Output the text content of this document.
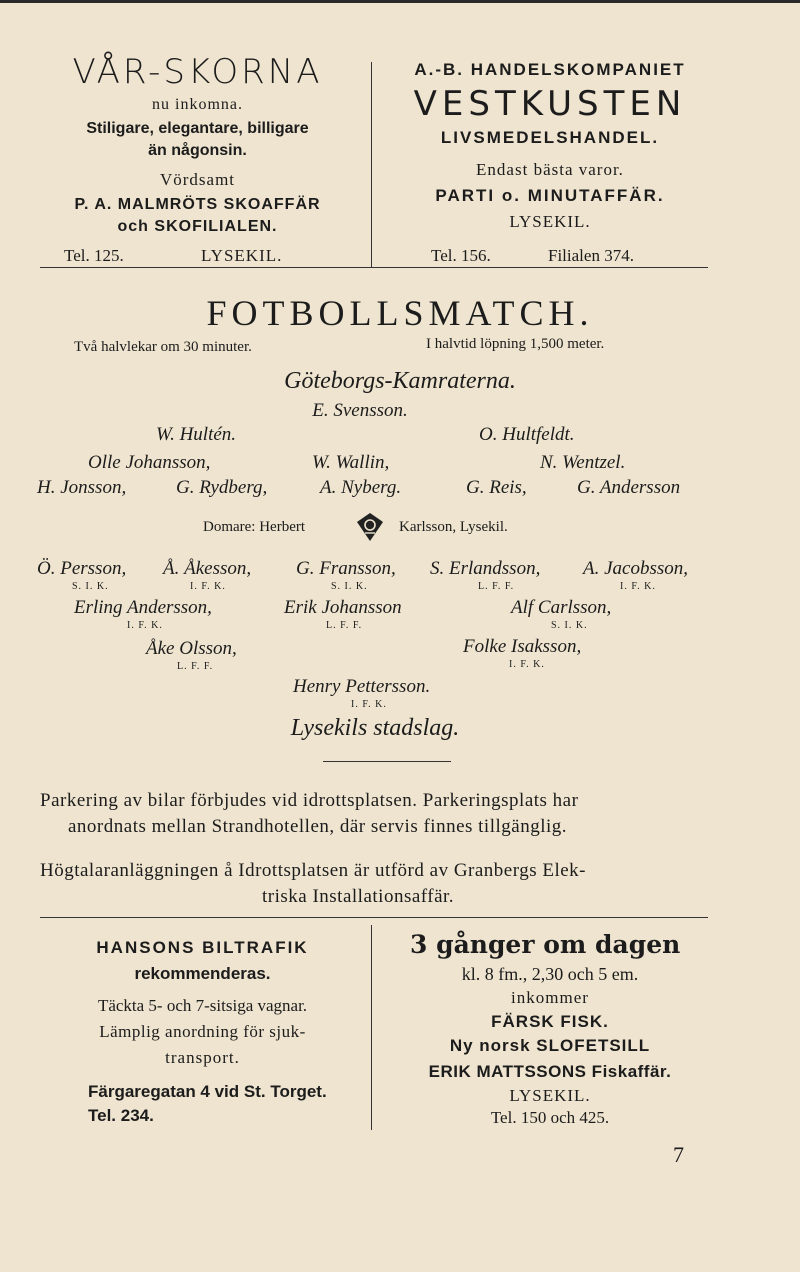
VÅR-SKORNA
nu inkomna.
Stiligare, elegantare, billigare
än någonsin.
Vördsamt
P. A. MALMRÖTS SKOAFFÄR
och SKOFILIALEN.
Tel. 125.	LYSEKIL.
A.-B. HANDELSKOMPANIET
VESTKUSTEN
LIVSMEDELSHANDEL.
Endast bästa varor.
PARTI o. MINUTAFFÄR.
LYSEKIL.
Tel. 156.	Filialen 374.
FOTBOLLSMATCH.
Två halvlekar om 30 minuter.	I halvtid löpning 1,500 meter.
Göteborgs-Kamraterna.
E. Svensson.
W. Hultén.	O. Hultfeldt.
Olle Johansson,	W. Wallin,	N. Wentzel.
H. Jonsson,	G. Rydberg,	A. Nyberg.	G. Reis,	G. Andersson
Domare: Herbert	Karlsson, Lysekil.
Ö. Persson,
S. I. K.
Å. Åkesson,
I. F. K.
G. Fransson,
S. I. K.
S. Erlandsson,
L. F. F.
A. Jacobsson,
I. F. K.
Erling Andersson,
I. F. K.
Erik Johansson
L. F. F.
Alf Carlsson,
S. I. K.
Åke Olsson,
L. F. F.
Folke Isaksson,
I. F. K.
Henry Pettersson.
I. F. K.
Lysekils stadslag.
Parkering av bilar förbjudes vid idrottsplatsen. Parkeringsplats har
anordnats mellan Strandhotellen, där servis finnes tillgänglig.
Högtalaranläggningen å Idrottsplatsen är utförd av Granbergs Elek-
triska Installationsaffär.
HANSONS BILTRAFIK
rekommenderas.
Täckta 5- och 7-sitsiga vagnar.
Lämplig anordning för sjuk-
transport.
Färgaregatan 4 vid St. Torget.
Tel. 234.
3 gånger om dagen
kl. 8 fm., 2,30 och 5 em.
inkommer
FÄRSK FISK.
Ny norsk SLOFETSILL
ERIK MATTSSONS Fiskaffär.
LYSEKIL.
Tel. 150 och 425.
7
